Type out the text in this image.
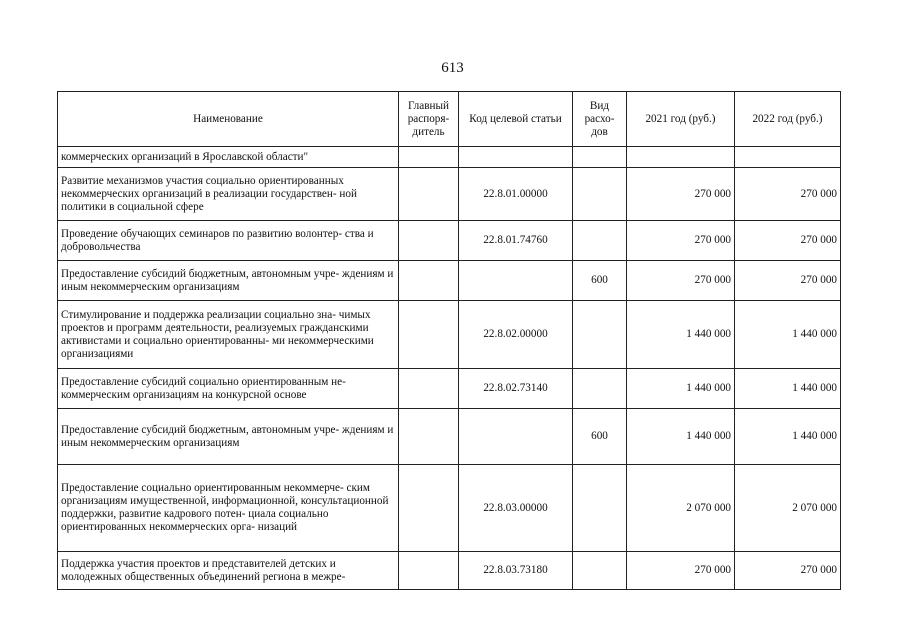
613
Наименование	Главный распоря- дитель	Код целевой статьи	Вид расхо- дов	2021 год (руб.)	2022 год (руб.)
коммерческих организаций в Ярославской области"					
Развитие механизмов участия социально ориентированных некоммерческих организаций в реализации государствен- ной политики в социальной сфере		22.8.01.00000		270 000	270 000
Проведение обучающих семинаров по развитию волонтер- ства и добровольчества		22.8.01.74760		270 000	270 000
Предоставление субсидий бюджетным, автономным учре- ждениям и иным некоммерческим организациям			600	270 000	270 000
Стимулирование и поддержка реализации социально зна- чимых проектов и программ деятельности, реализуемых гражданскими активистами и социально ориентированны- ми некоммерческими организациями		22.8.02.00000		1 440 000	1 440 000
Предоставление субсидий социально ориентированным не- коммерческим организациям на конкурсной основе		22.8.02.73140		1 440 000	1 440 000
Предоставление субсидий бюджетным, автономным учре- ждениям и иным некоммерческим организациям			600	1 440 000	1 440 000
Предоставление социально ориентированным некоммерче- ским организациям имущественной, информационной, консультационной поддержки, развитие кадрового потен- циала социально ориентированных некоммерческих орга- низаций		22.8.03.00000		2 070 000	2 070 000
Поддержка участия проектов и представителей детских и молодежных общественных объединений региона в межре-		22.8.03.73180		270 000	270 000
